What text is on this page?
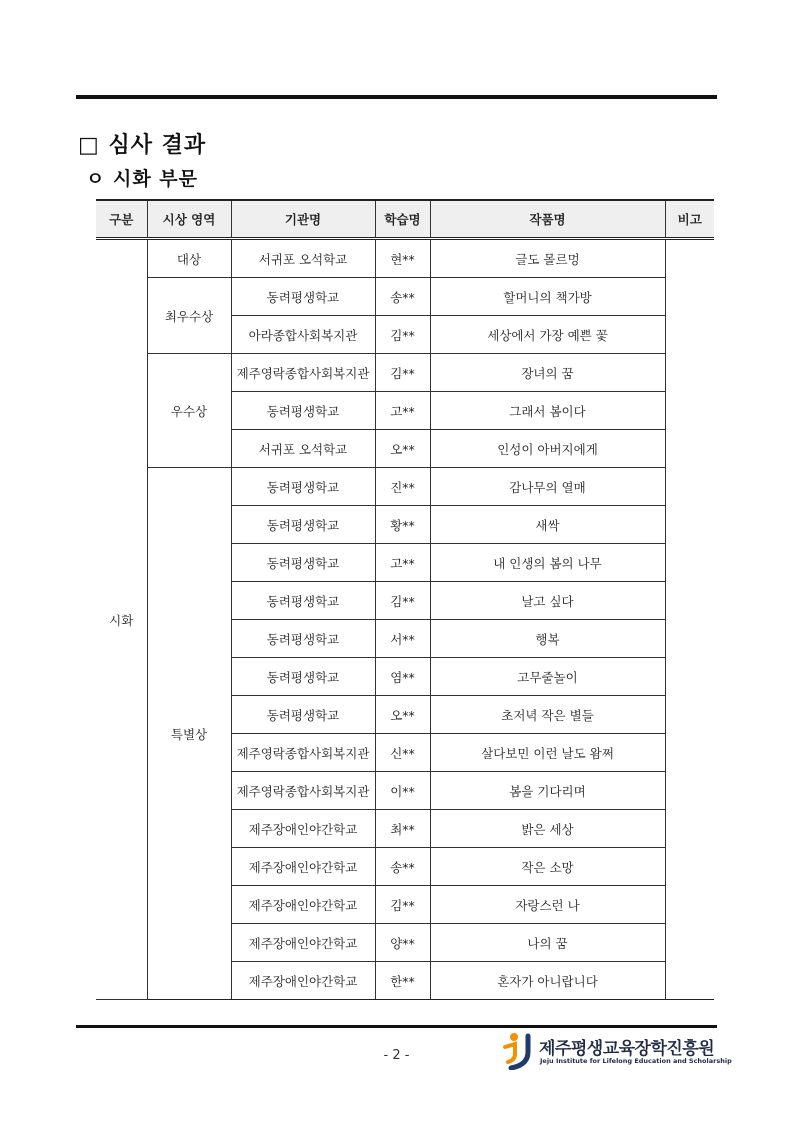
□ 심사 결과
ㅇ 시화 부문
구분	시상 영역	기관명	학습명	작품명	비고
시화	대상	서귀포 오석학교	현**	글도 몰르멍	
	최우수상	동려평생학교	송**	할머니의 책가방	
		아라종합사회복지관	김**	세상에서 가장 예쁜 꽃	
	우수상	제주영락종합사회복지관	김**	장녀의 꿈	
		동려평생학교	고**	그래서 봄이다	
		서귀포 오석학교	오**	인성이 아버지에게	
	특별상	동려평생학교	진**	감나무의 열매	
		동려평생학교	황**	새싹	
		동려평생학교	고**	내 인생의 봄의 나무	
		동려평생학교	김**	날고 싶다	
		동려평생학교	서**	행복	
		동려평생학교	염**	고무줄놀이	
		동려평생학교	오**	초저녁 작은 별들	
		제주영락종합사회복지관	신**	살다보민 이런 날도 왐쩌	
		제주영락종합사회복지관	이**	봄을 기다리며	
		제주장애인야간학교	최**	밝은 세상	
		제주장애인야간학교	송**	작은 소망	
		제주장애인야간학교	김**	자랑스런 나	
		제주장애인야간학교	양**	나의 꿈	
		제주장애인야간학교	한**	혼자가 아니랍니다	
- 2 -	제주평생교육장학진흥원
Jeju Institute for Lifelong Education and Scholarship
